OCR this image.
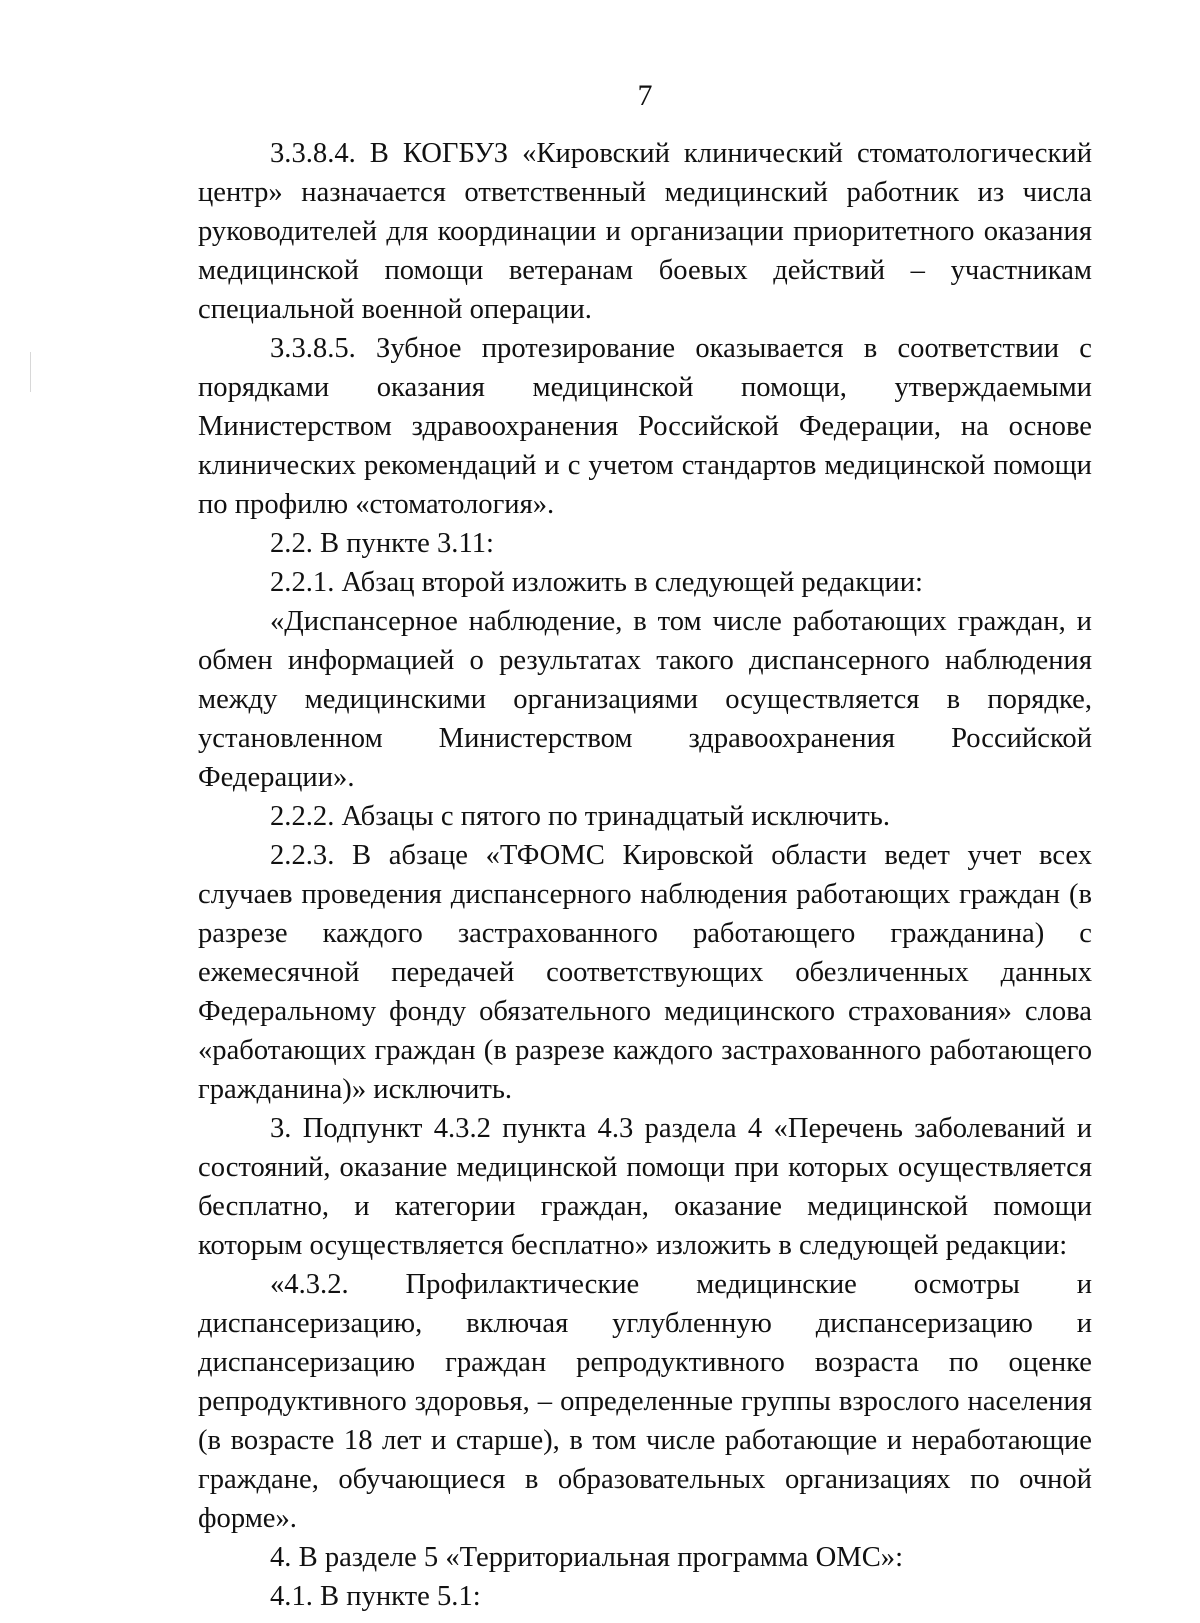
7

3.3.8.4. В КОГБУЗ «Кировский клинический стоматологический центр» назначается ответственный медицинский работник из числа руководителей для координации и организации приоритетного оказания медицинской помощи ветеранам боевых действий – участникам специальной военной операции.

3.3.8.5. Зубное протезирование оказывается в соответствии с порядками оказания медицинской помощи, утверждаемыми Министерством здравоохранения Российской Федерации, на основе клинических рекомендаций и с учетом стандартов медицинской помощи по профилю «стоматология».

2.2. В пункте 3.11:

2.2.1. Абзац второй изложить в следующей редакции:

«Диспансерное наблюдение, в том числе работающих граждан, и обмен информацией о результатах такого диспансерного наблюдения между медицинскими организациями осуществляется в порядке, установленном Министерством здравоохранения Российской Федерации».

2.2.2. Абзацы с пятого по тринадцатый исключить.

2.2.3. В абзаце «ТФОМС Кировской области ведет учет всех случаев проведения диспансерного наблюдения работающих граждан (в разрезе каждого застрахованного работающего гражданина) с ежемесячной передачей соответствующих обезличенных данных Федеральному фонду обязательного медицинского страхования» слова «работающих граждан (в разрезе каждого застрахованного работающего гражданина)» исключить.

3. Подпункт 4.3.2 пункта 4.3 раздела 4 «Перечень заболеваний и состояний, оказание медицинской помощи при которых осуществляется бесплатно, и категории граждан, оказание медицинской помощи которым осуществляется бесплатно» изложить в следующей редакции:

«4.3.2. Профилактические медицинские осмотры и диспансеризацию, включая углубленную диспансеризацию и диспансеризацию граждан репродуктивного возраста по оценке репродуктивного здоровья, – определенные группы взрослого населения (в возрасте 18 лет и старше), в том числе работающие и неработающие граждане, обучающиеся в образовательных организациях по очной форме».

4. В разделе 5 «Территориальная программа ОМС»:

4.1. В пункте 5.1:
